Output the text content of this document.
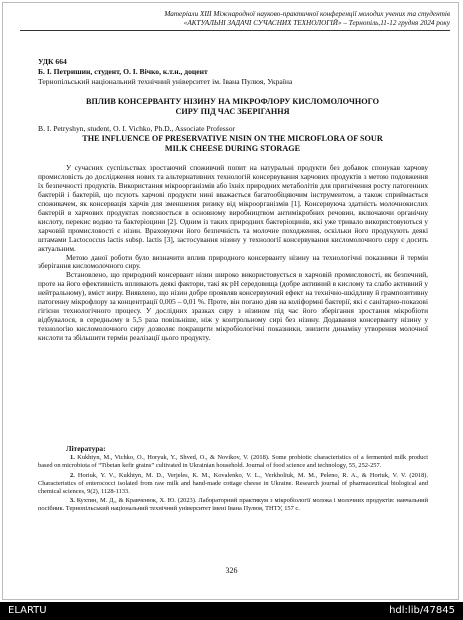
Матеріали XIII Міжнародної науково-практичної конференції молодих учених та студентів
«АКТУАЛЬНІ ЗАДАЧІ СУЧАСНИХ ТЕХНОЛОГІЙ» – Тернопіль,11-12 грудня 2024 року
УДК 664
Б. І. Петришин, студент, О. І. Вічко, к.т.н., доцент
Тернопільський національний технічний університет ім. Івана Пулюя, Україна
ВПЛИВ КОНСЕРВАНТУ НІЗИНУ НА МІКРОФЛОРУ КИСЛОМОЛОЧНОГО
СИРУ ПІД ЧАС ЗБЕРІГАННЯ
B. I. Petryshyn, student, O. I. Vichko, Ph.D., Associate Professor
THE INFLUENCE OF PRESERVATIVE NISIN ON THE MICROFLORA OF SOUR
MILK CHEESE DURING STORAGE

У сучасних суспільствах зростаючий споживчий попит на натуральні продукти без добавок спонукав харчову промисловість до дослідження нових та альтернативних технологій консервування харчових продуктів з метою подовження їх безпечності продуктів. Використання мікроорганізмів або їхніх природних метаболітів для пригнічення росту патогенних бактерій і бактерій, що псують харчові продукти нині вважається багатообіцяючим інструментом, а також сприймається споживачем, як консервація харчів для зменшення ризику від мікроорганізмів [1]. Консервуюча здатність молочнокислих бактерій в харчових продуктах пояснюється в основному виробництвом антимікробних речовин, включаючи органічну кислоту, перекис водню та бактеріоцини [2]. Одним із таких природних бактеріоцинів, які уже тривало використовуються у харчовій промисловості є нізин. Враховуючи його безпечність та молочне походження, оскільки його продукують деякі штамами Lactococcus lactis subsp. lactis [3], застосування нізину у технології консервування кисломолочного сиру є досить актуальним.

Метою даної роботи було визначити вплив природного консерванту нізину на технологічні показники й термін зберігання кисломолочного сиру.

Встановлено, що природний консервант нізин широко використовується в харчовій промисловості, як безпечний, проте на його ефективність впливають деякі фактори, такі як pH середовища (добре активний в кислому та слабо активний у нейтральному), вміст жиру. Виявлено, що нізин добре проявляв консервуючий ефект на технічно-шкідливу й грампозитивну патогенну мікрофлору за концентрації 0,005 – 0,01 %. Проте, він погано діяв на коліформні бактерії, які є санітарно-показові гігієни технологічного процесу. У дослідних зразках сиру з нізином під час його зберігання зростання мікробіоти відбувалося, в середньому в 5,5 раза повільніше, ніж у контрольному сирі без нізину. Додавання консерванту нізину у технологію кисломолочного сиру дозволяє покращити мікробіологічні показники, знизити динаміку утворення молочної кислоти та збільшити термін реалізації цього продукту.

Література:
1. Kukhtyn, M., Vichko, O., Horyuk, Y., Shved, O., & Novikov, V. (2018). Some probiotic characteristics of a fermented milk product based on microbiota of “Tibetan kefir grains” cultivated in Ukrainian household. Journal of food science and technology, 55, 252-257.
2. Horiuk, Y. V., Kukhtyn, M. D., Verjeles, K. M., Kovalenko, V. L., Verkholiuk, M. M., Peleno, R. A., & Horiuk, V. V. (2018). Characteristics of enterococci isolated from raw milk and hand-made cottage cheese in Ukraine. Research journal of pharmaceutical biological and chemical sciences, 9(2), 1128-1133.
3. Кухтин, М. Д., & Кравченюк, Х. Ю. (2023). Лабораторний практикум з мікробіології молока і молочних продуктів: навчальний посібник. Тернопільський національний технічний університет імені Івана Пулюя, ТНТУ, 157 с.
326
ELARTU	hdl:lib/47845
